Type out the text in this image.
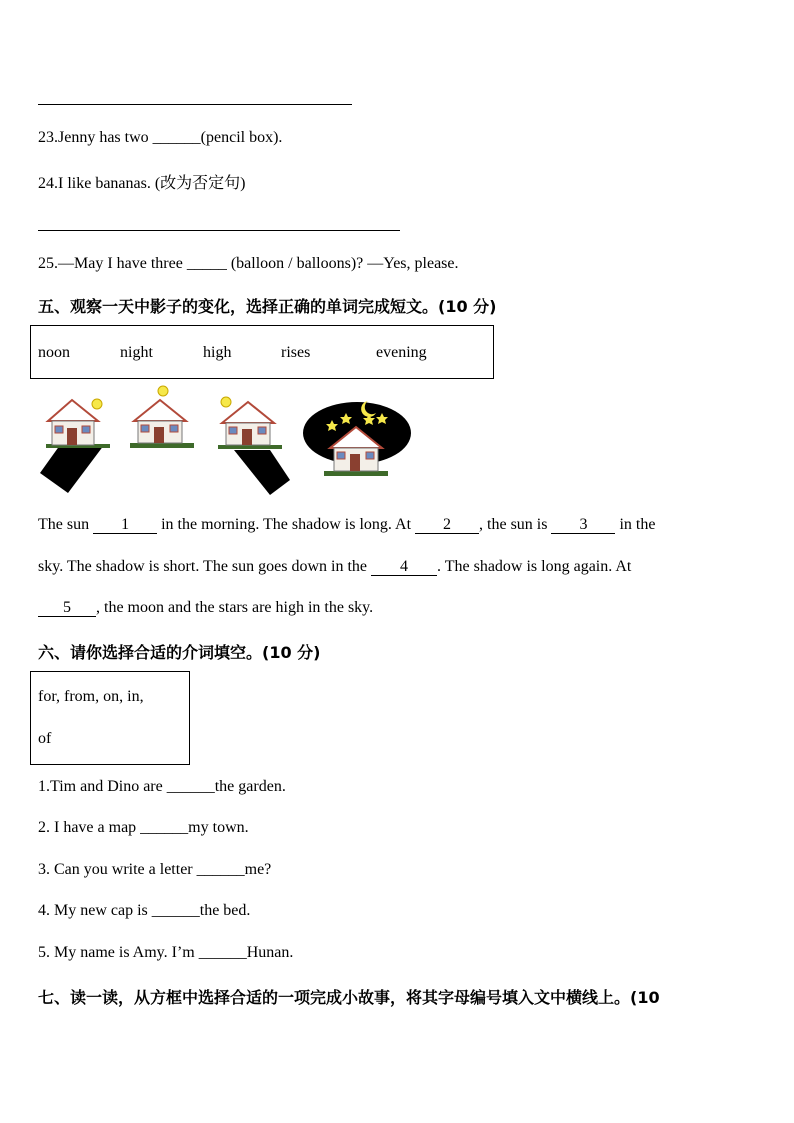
23.Jenny has two ______(pencil box).
24.I like bananas. (改为否定句)
25.—May I have three _____ (balloon / balloons)? —Yes, please.
五、观察一天中影子的变化，选择正确的单词完成短文。(10 分)
noon	night	high	rises	evening
The sun 1 in the morning. The shadow is long. At 2 , the sun is 3 in the
sky. The shadow is short. The sun goes down in the 4 . The shadow is long again. At
5 , the moon and the stars are high in the sky.
六、请你选择合适的介词填空。(10 分)
for, from, on, in,
of
1.Tim and Dino are ______the garden.
2. I have a map ______my town.
3. Can you write a letter ______me?
4. My new cap is ______the bed.
5. My name is Amy. I’m ______Hunan.
七、读一读，从方框中选择合适的一项完成小故事，将其字母编号填入文中横线上。(10
